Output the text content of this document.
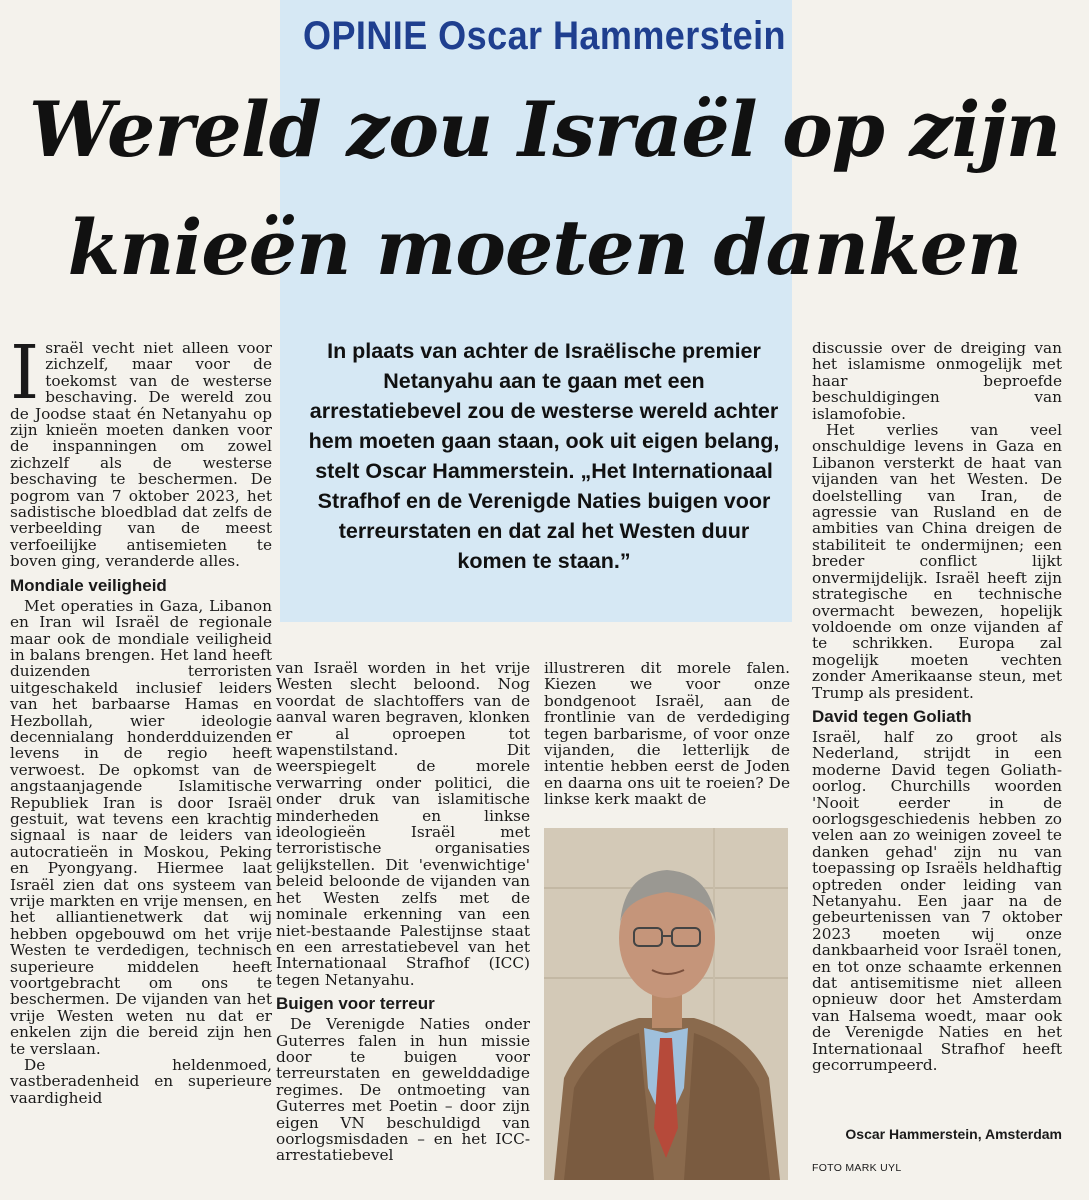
OPINIE Oscar Hammerstein
Wereld zou Israël op zijn
knieën moeten danken

Israël vecht niet alleen voor zichzelf, maar voor de toekomst van de westerse beschaving. De wereld zou de Joodse staat én Netanyahu op zijn knieën moeten danken voor de inspanningen om zowel zichzelf als de westerse beschaving te beschermen. De pogrom van 7 oktober 2023, het sadistische bloedblad dat zelfs de verbeelding van de meest verfoeilijke antisemieten te boven ging, veranderde alles.

Mondiale veiligheid

Met operaties in Gaza, Libanon en Iran wil Israël de regionale maar ook de mondiale veiligheid in balans brengen. Het land heeft duizenden terroristen uitgeschakeld inclusief leiders van het barbaarse Hamas en Hezbollah, wier ideologie decennialang honderdduizenden levens in de regio heeft verwoest. De opkomst van de angstaanjagende Islamitische Republiek Iran is door Israël gestuit, wat tevens een krachtig signaal is naar de leiders van autocratieën in Moskou, Peking en Pyongyang. Hiermee laat Israël zien dat ons systeem van vrije markten en vrije mensen, en het alliantienetwerk dat wij hebben opgebouwd om het vrije Westen te verdedigen, technisch superieure middelen heeft voortgebracht om ons te beschermen. De vijanden van het vrije Westen weten nu dat er enkelen zijn die bereid zijn hen te verslaan.

De heldenmoed, vastberadenheid en superieure vaardigheid

In plaats van achter de Israëlische premier Netanyahu aan te gaan met een arrestatiebevel zou de westerse wereld achter hem moeten gaan staan, ook uit eigen belang, stelt Oscar Hammerstein. „Het Internationaal Strafhof en de Verenigde Naties buigen voor terreurstaten en dat zal het Westen duur komen te staan.”

van Israël worden in het vrije Westen slecht beloond. Nog voordat de slachtoffers van de aanval waren begraven, klonken er al oproepen tot wapenstilstand. Dit weerspiegelt de morele verwarring onder politici, die onder druk van islamitische minderheden en linkse ideologieën Israël met terroristische organisaties gelijkstellen. Dit 'evenwichtige' beleid beloonde de vijanden van het Westen zelfs met de nominale erkenning van een niet-bestaande Palestijnse staat en een arrestatiebevel van het Internationaal Strafhof (ICC) tegen Netanyahu.

Buigen voor terreur

De Verenigde Naties onder Guterres falen in hun missie door te buigen voor terreurstaten en gewelddadige regimes. De ontmoeting van Guterres met Poetin – door zijn eigen VN beschuldigd van oorlogsmisdaden – en het ICC-arrestatiebevel

illustreren dit morele falen. Kiezen we voor onze bondgenoot Israël, aan de frontlinie van de verdediging tegen barbarisme, of voor onze vijanden, die letterlijk de intentie hebben eerst de Joden en daarna ons uit te roeien? De linkse kerk maakt de

discussie over de dreiging van het islamisme onmogelijk met haar beproefde beschuldigingen van islamofobie.

Het verlies van veel onschuldige levens in Gaza en Libanon versterkt de haat van vijanden van het Westen. De doelstelling van Iran, de agressie van Rusland en de ambities van China dreigen de stabiliteit te ondermijnen; een breder conflict lijkt onvermijdelijk. Israël heeft zijn strategische en technische overmacht bewezen, hopelijk voldoende om onze vijanden af te schrikken. Europa zal mogelijk moeten vechten zonder Amerikaanse steun, met Trump als president.

David tegen Goliath

Israël, half zo groot als Nederland, strijdt in een moderne David tegen Goliath-oorlog. Churchills woorden 'Nooit eerder in de oorlogsgeschiedenis hebben zo velen aan zo weinigen zoveel te danken gehad' zijn nu van toepassing op Israëls heldhaftig optreden onder leiding van Netanyahu. Een jaar na de gebeurtenissen van 7 oktober 2023 moeten wij onze dankbaarheid voor Israël tonen, en tot onze schaamte erkennen dat antisemitisme niet alleen opnieuw door het Amsterdam van Halsema woedt, maar ook de Verenigde Naties en het Internationaal Strafhof heeft gecorrumpeerd.

Oscar Hammerstein, Amsterdam
FOTO MARK UYL
